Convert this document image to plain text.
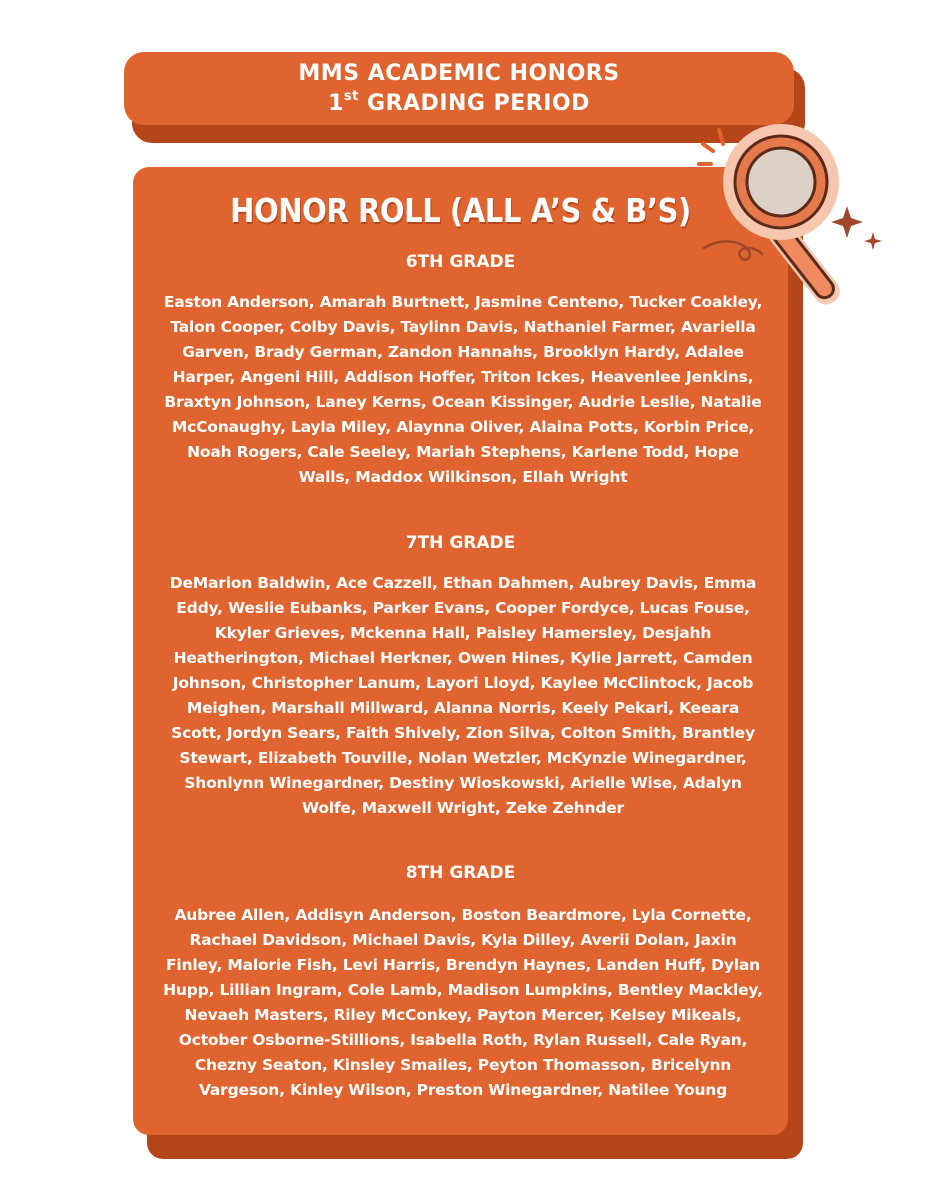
MMS ACADEMIC HONORS
1st GRADING PERIOD
HONOR ROLL (ALL A’S & B’S)
6TH GRADE
Easton Anderson, Amarah Burtnett, Jasmine Centeno, Tucker Coakley, Talon Cooper, Colby Davis, Taylinn Davis, Nathaniel Farmer, Avariella Garven, Brady German, Zandon Hannahs, Brooklyn Hardy, Adalee Harper, Angeni Hill, Addison Hoffer, Triton Ickes, Heavenlee Jenkins, Braxtyn Johnson, Laney Kerns, Ocean Kissinger, Audrie Leslie, Natalie McConaughy, Layla Miley, Alaynna Oliver, Alaina Potts, Korbin Price, Noah Rogers, Cale Seeley, Mariah Stephens, Karlene Todd, Hope Walls, Maddox Wilkinson, Ellah Wright
7TH GRADE
DeMarion Baldwin, Ace Cazzell, Ethan Dahmen, Aubrey Davis, Emma Eddy, Weslie Eubanks, Parker Evans, Cooper Fordyce, Lucas Fouse, Kkyler Grieves, Mckenna Hall, Paisley Hamersley, Desjahh Heatherington, Michael Herkner, Owen Hines, Kylie Jarrett, Camden Johnson, Christopher Lanum, Layori Lloyd, Kaylee McClintock, Jacob Meighen, Marshall Millward, Alanna Norris, Keely Pekari, Keeara Scott, Jordyn Sears, Faith Shively, Zion Silva, Colton Smith, Brantley Stewart, Elizabeth Touville, Nolan Wetzler, McKynzie Winegardner, Shonlynn Winegardner, Destiny Wioskowski, Arielle Wise, Adalyn Wolfe, Maxwell Wright, Zeke Zehnder
8TH GRADE
Aubree Allen, Addisyn Anderson, Boston Beardmore, Lyla Cornette, Rachael Davidson, Michael Davis, Kyla Dilley, Averii Dolan, Jaxin Finley, Malorie Fish, Levi Harris, Brendyn Haynes, Landen Huff, Dylan Hupp, Lillian Ingram, Cole Lamb, Madison Lumpkins, Bentley Mackley, Nevaeh Masters, Riley McConkey, Payton Mercer, Kelsey Mikeals, October Osborne-Stillions, Isabella Roth, Rylan Russell, Cale Ryan, Chezny Seaton, Kinsley Smailes, Peyton Thomasson, Bricelynn Vargeson, Kinley Wilson, Preston Winegardner, Natilee Young
